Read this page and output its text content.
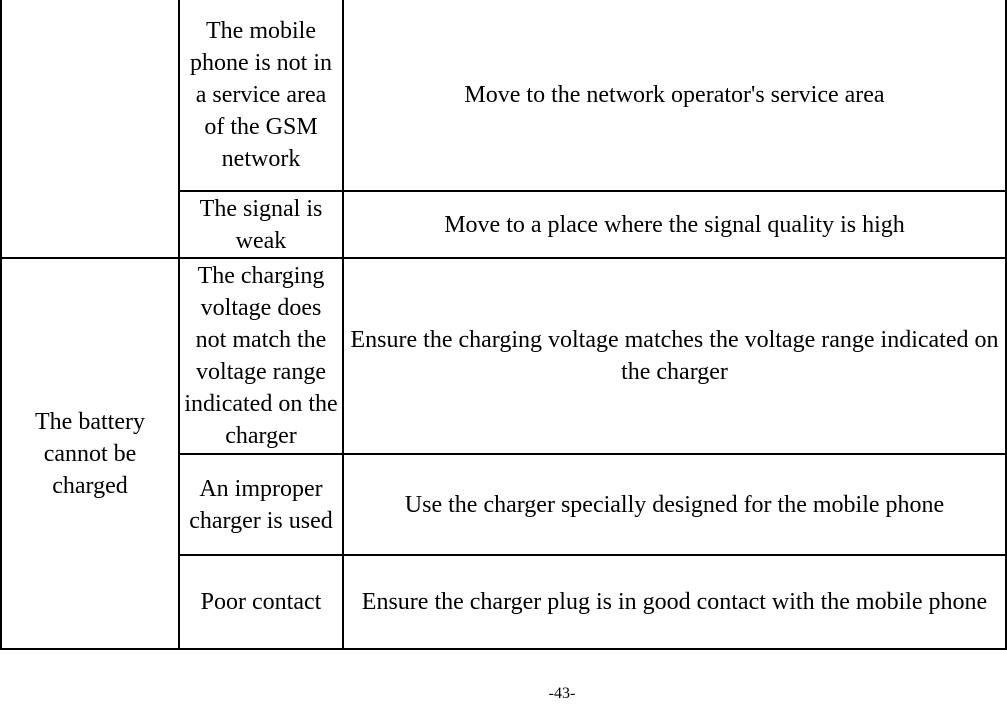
	The mobile phone is not in a service area of the GSM network	Move to the network operator's service area
	The signal is weak	Move to a place where the signal quality is high
The battery cannot be charged	The charging voltage does not match the voltage range indicated on the charger	Ensure the charging voltage matches the voltage range indicated on the charger
	An improper charger is used	Use the charger specially designed for the mobile phone
	Poor contact	Ensure the charger plug is in good contact with the mobile phone
-43-
